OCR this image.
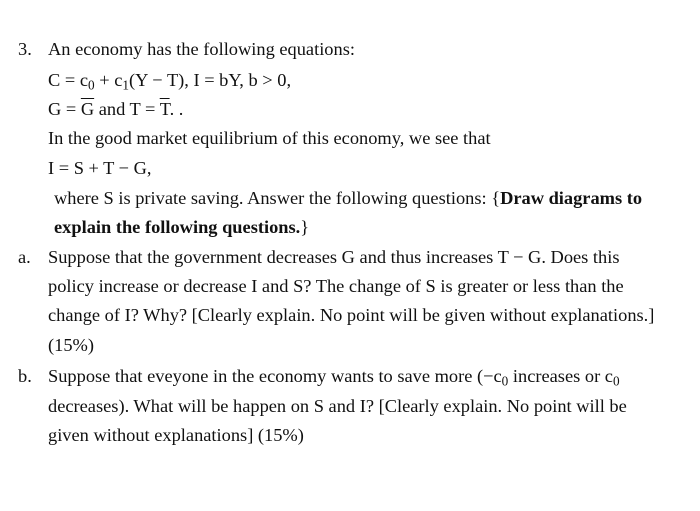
3. An economy has the following equations:
$C = c_0 + c_1(Y - T)$, I = bY, b > 0,
$G = \overline{G}$ and $T = \overline{T}$. .
In the good market equilibrium of this economy, we see that
I = S + T − G,
where S is private saving. Answer the following questions: {Draw diagrams to
explain the following questions.}
a. Suppose that the government decreases G and thus increases T − G. Does this
policy increase or decrease I and S? The change of S is greater or less than the
change of I? Why? [Clearly explain. No point will be given without explanations.]
(15%)
b. Suppose that eveyone in the economy wants to save more ($-c_0$ increases or $c_0$
decreases). What will be happen on S and I? [Clearly explain. No point will be
given without explanations] (15%)
